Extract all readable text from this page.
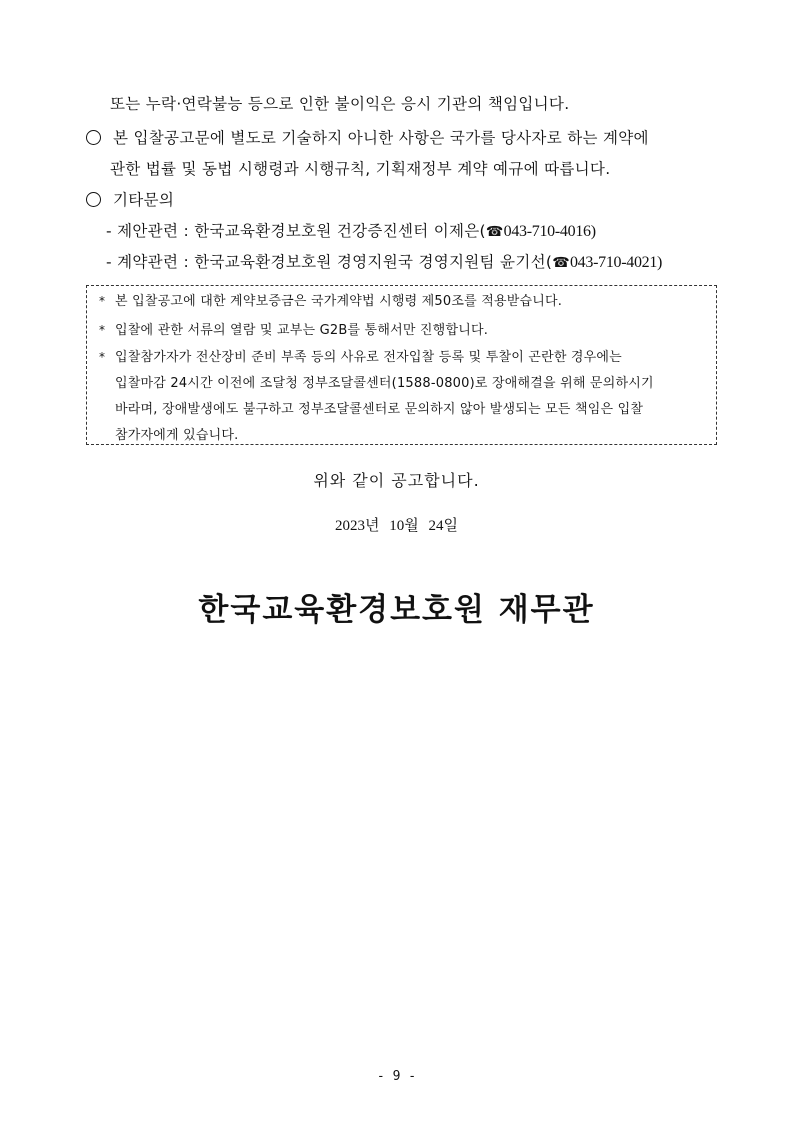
또는 누락·연락불능 등으로 인한 불이익은 응시 기관의 책임입니다.
본 입찰공고문에 별도로 기술하지 아니한 사항은 국가를 당사자로 하는 계약에
관한 법률 및 동법 시행령과 시행규칙, 기획재정부 계약 예규에 따릅니다.
기타문의
- 제안관련 : 한국교육환경보호원 건강증진센터 이제은(☎043-710-4016)
- 계약관련 : 한국교육환경보호원 경영지원국 경영지원팀 윤기선(☎043-710-4021)
* 본 입찰공고에 대한 계약보증금은 국가계약법 시행령 제50조를 적용받습니다.
* 입찰에 관한 서류의 열람 및 교부는 G2B를 통해서만 진행합니다.
* 입찰참가자가 전산장비 준비 부족 등의 사유로 전자입찰 등록 및 투찰이 곤란한 경우에는
입찰마감 24시간 이전에 조달청 정부조달콜센터(1588-0800)로 장애해결을 위해 문의하시기
바라며, 장애발생에도 불구하고 정부조달콜센터로 문의하지 않아 발생되는 모든 책임은 입찰
참가자에게 있습니다.
위와 같이 공고합니다.
2023년 10월 24일
한국교육환경보호원 재무관
- 9 -
